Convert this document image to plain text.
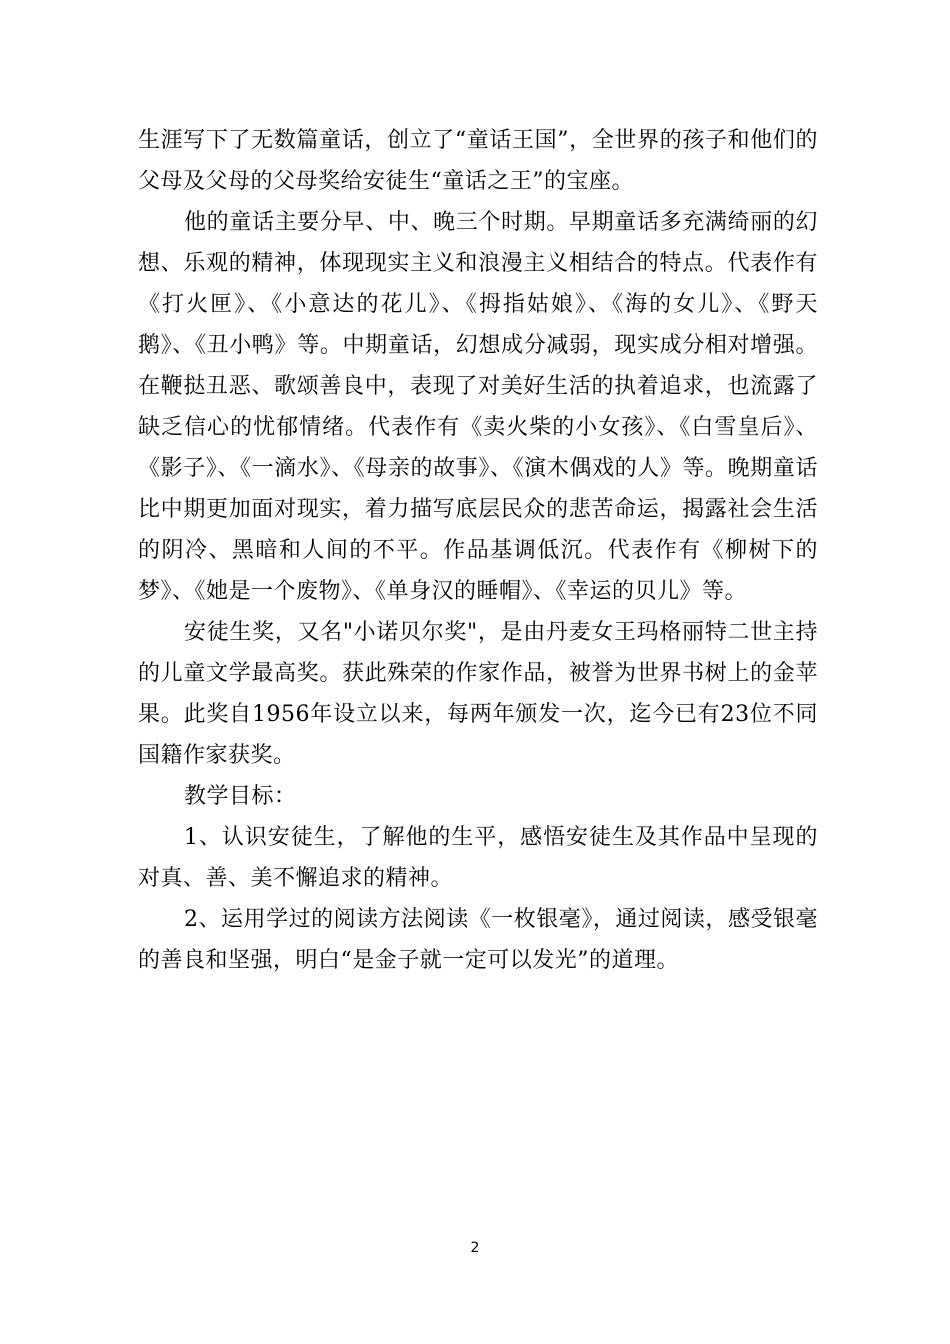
生涯写下了无数篇童话，创立了“童话王国”，全世界的孩子和他们的父母及父母的父母奖给安徒生“童话之王”的宝座。

他的童话主要分早、中、晚三个时期。早期童话多充满绮丽的幻想、乐观的精神，体现现实主义和浪漫主义相结合的特点。代表作有《打火匣》、《小意达的花儿》、《拇指姑娘》、《海的女儿》、《野天鹅》、《丑小鸭》等。中期童话，幻想成分减弱，现实成分相对增强。在鞭挞丑恶、歌颂善良中，表现了对美好生活的执着追求，也流露了缺乏信心的忧郁情绪。代表作有《卖火柴的小女孩》、《白雪皇后》、《影子》、《一滴水》、《母亲的故事》、《演木偶戏的人》等。晚期童话比中期更加面对现实，着力描写底层民众的悲苦命运，揭露社会生活的阴冷、黑暗和人间的不平。作品基调低沉。代表作有《柳树下的梦》、《她是一个废物》、《单身汉的睡帽》、《幸运的贝儿》等。

安徒生奖，又名"小诺贝尔奖"，是由丹麦女王玛格丽特二世主持的儿童文学最高奖。获此殊荣的作家作品，被誉为世界书树上的金苹果。此奖自1956年设立以来，每两年颁发一次，迄今已有23位不同国籍作家获奖。

教学目标：

1、认识安徒生，了解他的生平，感悟安徒生及其作品中呈现的对真、善、美不懈追求的精神。

2、运用学过的阅读方法阅读《一枚银毫》，通过阅读，感受银毫的善良和坚强，明白“是金子就一定可以发光”的道理。

2
